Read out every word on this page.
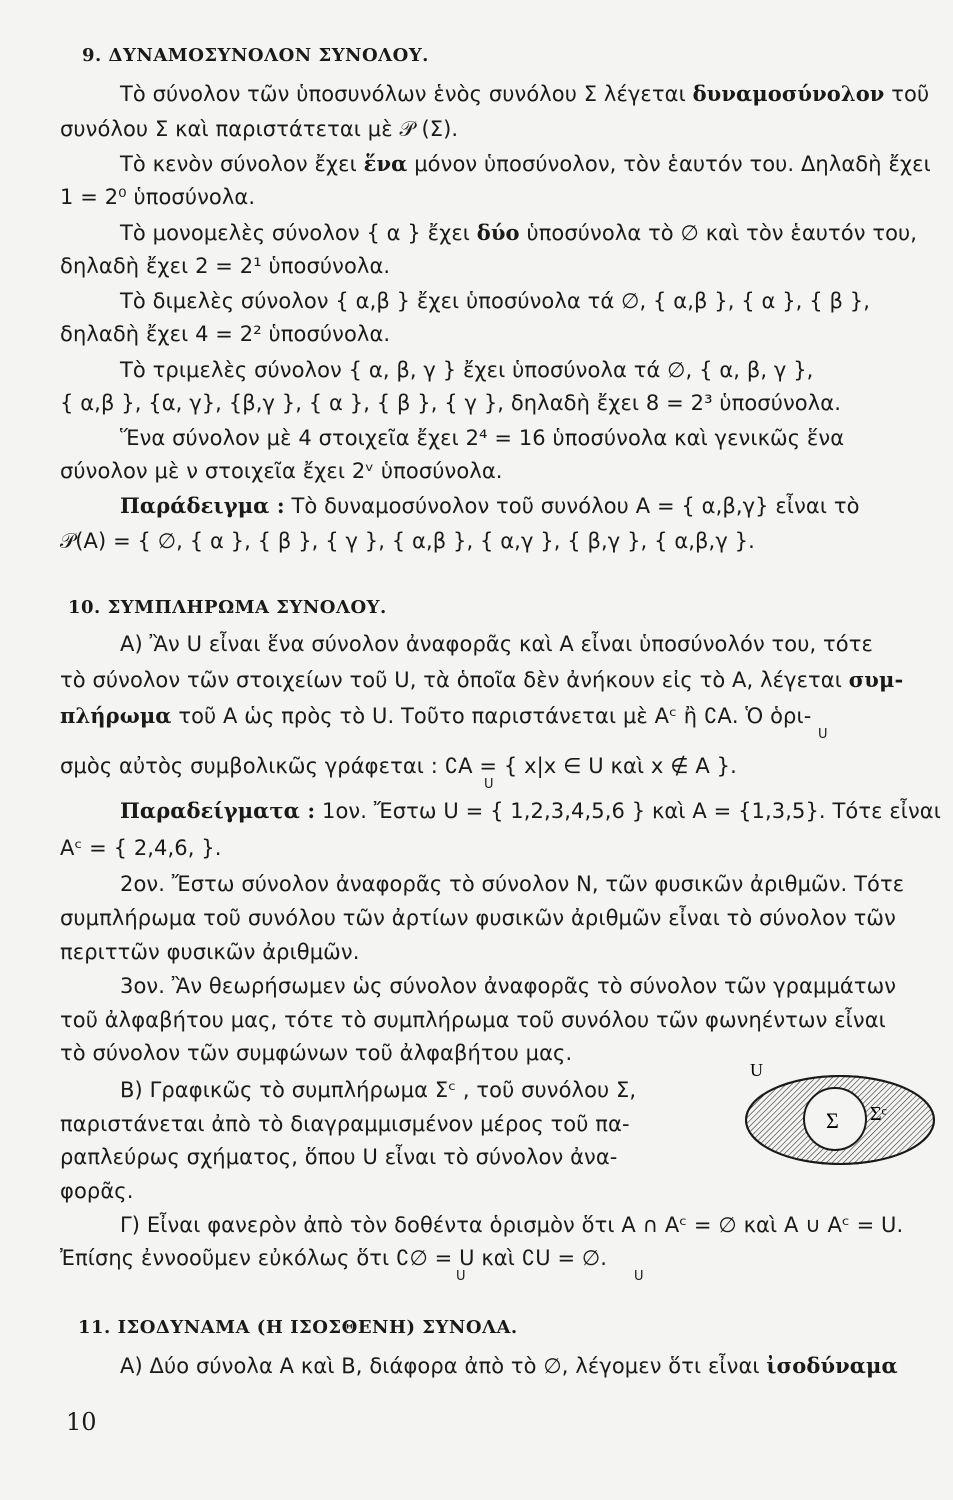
9. ΔΥΝΑΜΟΣΥΝΟΛΟΝ ΣΥΝΟΛΟΥ.
Τὸ σύνολον τῶν ὑποσυνόλων ἑνὸς συνόλου Σ λέγεται δυναμοσύνολον τοῦ
συνόλου Σ καὶ παριστάτεται μὲ 𝒫 (Σ).
Τὸ κενὸν σύνολον ἔχει ἕνα μόνον ὑποσύνολον, τὸν ἑαυτόν του. Δηλαδὴ ἔχει
1 = 2⁰ ὑποσύνολα.
Τὸ μονομελὲς σύνολον { α } ἔχει δύο ὑποσύνολα τὸ ∅ καὶ τὸν ἑαυτόν του,
δηλαδὴ ἔχει 2 = 2¹ ὑποσύνολα.
Τὸ διμελὲς σύνολον { α,β } ἔχει ὑποσύνολα τά ∅, { α,β }, { α }, { β },
δηλαδὴ ἔχει 4 = 2² ὑποσύνολα.
Τὸ τριμελὲς σύνολον { α, β, γ } ἔχει ὑποσύνολα τά ∅, { α, β, γ },
{ α,β }, {α, γ}, {β,γ }, { α }, { β }, { γ }, δηλαδὴ ἔχει 8 = 2³ ὑποσύνολα.
Ἕνα σύνολον μὲ 4 στοιχεῖα ἔχει 2⁴ = 16 ὑποσύνολα καὶ γενικῶς ἕνα
σύνολον μὲ ν στοιχεῖα ἔχει 2ᵛ ὑποσύνολα.
Παράδειγμα : Τὸ δυναμοσύνολον τοῦ συνόλου Α = { α,β,γ} εἶναι τὸ
𝒫(Α) = { ∅, { α }, { β }, { γ }, { α,β }, { α,γ }, { β,γ }, { α,β,γ }.
10. ΣΥΜΠΛΗΡΩΜΑ ΣΥΝΟΛΟΥ.
Α) Ἂν U εἶναι ἕνα σύνολον ἀναφορᾶς καὶ Α εἶναι ὑποσύνολόν του, τότε
τὸ σύνολον τῶν στοιχείων τοῦ U, τὰ ὁποῖα δὲν ἀνήκουν εἰς τὸ Α, λέγεται συμ-
πλήρωμα τοῦ Α ὡς πρὸς τὸ U. Τοῦτο παριστάνεται μὲ Αᶜ ἢ ∁Α. Ὁ ὁρι-
U
σμὸς αὐτὸς συμβολικῶς γράφεται : ∁Α = { x|x ∈ U καὶ x ∉ Α }.
U
Παραδείγματα : 1ον. Ἔστω U = { 1,2,3,4,5,6 } καὶ Α = {1,3,5}. Τότε εἶναι
Αᶜ = { 2,4,6, }.
2ον. Ἔστω σύνολον ἀναφορᾶς τὸ σύνολον Ν, τῶν φυσικῶν ἀριθμῶν. Τότε
συμπλήρωμα τοῦ συνόλου τῶν ἀρτίων φυσικῶν ἀριθμῶν εἶναι τὸ σύνολον τῶν
περιττῶν φυσικῶν ἀριθμῶν.
3ον. Ἂν θεωρήσωμεν ὡς σύνολον ἀναφορᾶς τὸ σύνολον τῶν γραμμάτων
τοῦ ἀλφαβήτου μας, τότε τὸ συμπλήρωμα τοῦ συνόλου τῶν φωνηέντων εἶναι
τὸ σύνολον τῶν συμφώνων τοῦ ἀλφαβήτου μας.
Β) Γραφικῶς τὸ συμπλήρωμα Σᶜ , τοῦ συνόλου Σ,
παριστάνεται ἀπὸ τὸ διαγραμμισμένον μέρος τοῦ πα-
ραπλεύρως σχήματος, ὅπου U εἶναι τὸ σύνολον ἀνα-
φορᾶς.
U
Σ Σᶜ
Γ) Εἶναι φανερὸν ἀπὸ τὸν δοθέντα ὁρισμὸν ὅτι Α ∩ Αᶜ = ∅ καὶ Α ∪ Αᶜ = U.
Ἐπίσης ἐννοοῦμεν εὐκόλως ὅτι ∁∅ = U καὶ ∁U = ∅.
U	U
11. ΙΣΟΔΥΝΑΜΑ (Η ΙΣΟΣΘΕΝΗ) ΣΥΝΟΛΑ.
Α) Δύο σύνολα Α καὶ Β, διάφορα ἀπὸ τὸ ∅, λέγομεν ὅτι εἶναι ἰσοδύναμα
10
